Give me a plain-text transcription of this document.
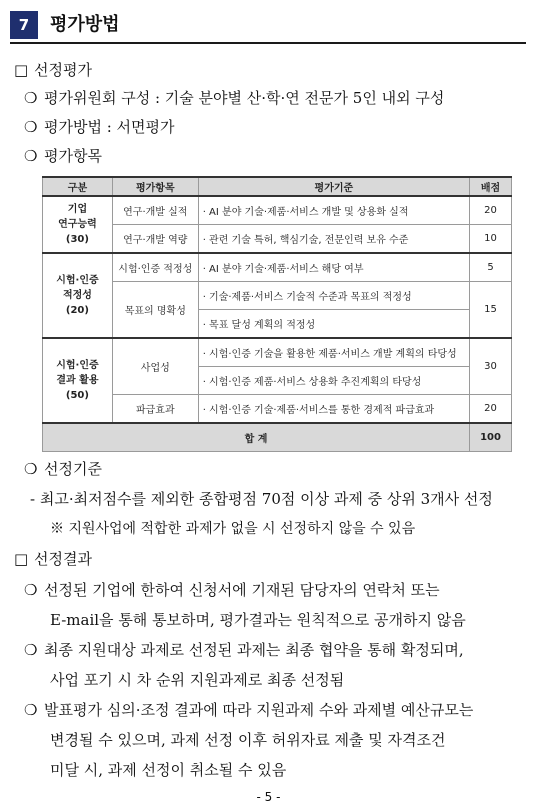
7	평가방법
□ 선정평가
❍ 평가위원회 구성 : 기술 분야별 산·학·연 전문가 5인 내외 구성
❍ 평가방법 : 서면평가
❍ 평가항목
구분	평가항목	평가기준	배점

기업
연구능력
(30)	연구·개발 실적	· AI 분야 기술·제품·서비스 개발 및 상용화 실적	20
	연구·개발 역량	· 관련 기술 특허, 핵심기술, 전문인력 보유 수준	10

시험·인증
적정성
(20)	시험·인증 적정성	· AI 분야 기술·제품·서비스 해당 여부	5
	목표의 명확성	· 기술·제품·서비스 기술적 수준과 목표의 적정성	15
		· 목표 달성 계획의 적정성	

시험·인증
결과 활용
(50)	사업성	· 시험·인증 기술을 활용한 제품·서비스 개발 계획의 타당성	30
		· 시험·인증 제품·서비스 상용화 추진계획의 타당성	
	파급효과	· 시험·인증 기술·제품·서비스를 통한 경제적 파급효과	20
합 계			100
❍ 선정기준
- 최고·최저점수를 제외한 종합평점 70점 이상 과제 중 상위 3개사 선정
※ 지원사업에 적합한 과제가 없을 시 선정하지 않을 수 있음
□ 선정결과
❍ 선정된 기업에 한하여 신청서에 기재된 담당자의 연락처 또는
E-mail을 통해 통보하며, 평가결과는 원칙적으로 공개하지 않음
❍ 최종 지원대상 과제로 선정된 과제는 최종 협약을 통해 확정되며,
사업 포기 시 차 순위 지원과제로 최종 선정됨
❍ 발표평가 심의·조정 결과에 따라 지원과제 수와 과제별 예산규모는
변경될 수 있으며, 과제 선정 이후 허위자료 제출 및 자격조건
미달 시, 과제 선정이 취소될 수 있음
- 5 -
